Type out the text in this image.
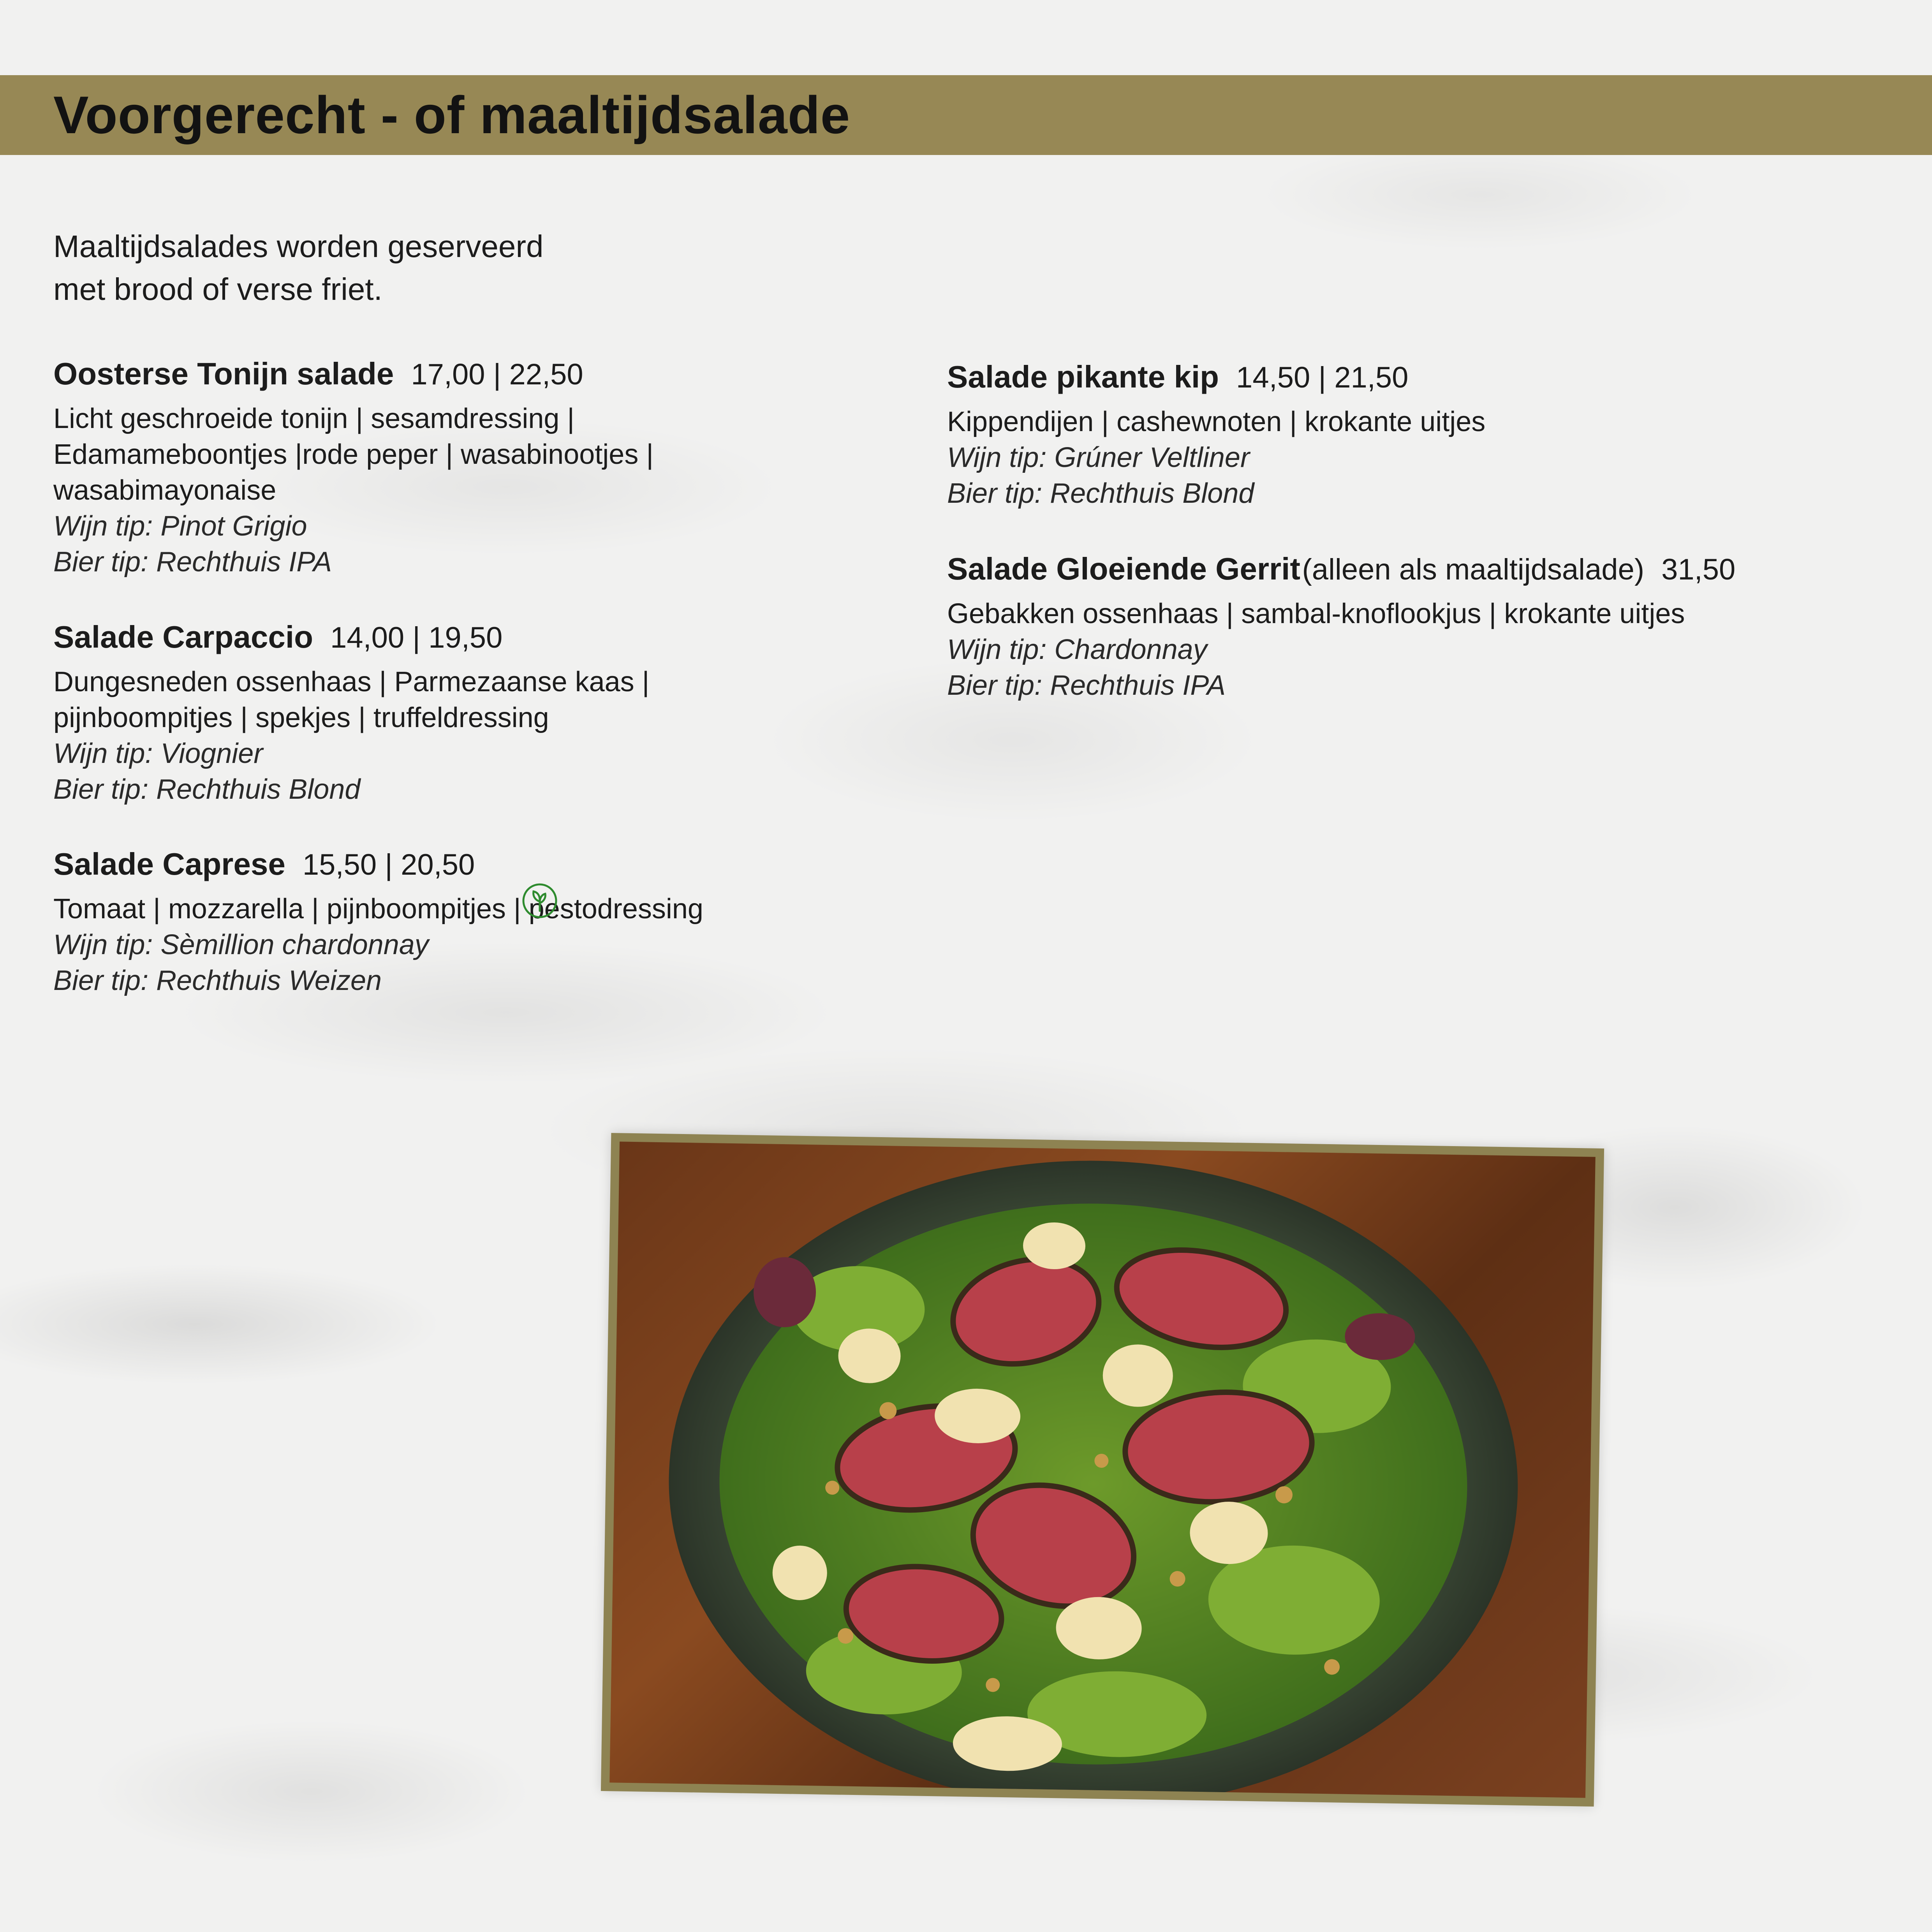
Voorgerecht - of maaltijdsalade
Maaltijdsalades worden geserveerd
met brood of verse friet.
Oosterse Tonijn salade 17,00 | 22,50
Licht geschroeide tonijn | sesamdressing |
Edamameboontjes |rode peper | wasabinootjes |
wasabimayonaise
Wijn tip: Pinot Grigio
Bier tip: Rechthuis IPA
Salade Carpaccio 14,00 | 19,50
Dungesneden ossenhaas | Parmezaanse kaas |
pijnboompitjes | spekjes | truffeldressing
Wijn tip: Viognier
Bier tip: Rechthuis Blond
Salade Caprese 15,50 | 20,50
Tomaat | mozzarella | pijnboompitjes | pestodressing
Wijn tip: Sèmillion chardonnay
Bier tip: Rechthuis Weizen
Salade pikante kip 14,50 | 21,50
Kippendijen | cashewnoten | krokante uitjes
Wijn tip: Grúner Veltliner
Bier tip: Rechthuis Blond
Salade Gloeiende Gerrit (alleen als maaltijdsalade) 31,50
Gebakken ossenhaas | sambal-knoflookjus | krokante uitjes
Wijn tip: Chardonnay
Bier tip: Rechthuis IPA
